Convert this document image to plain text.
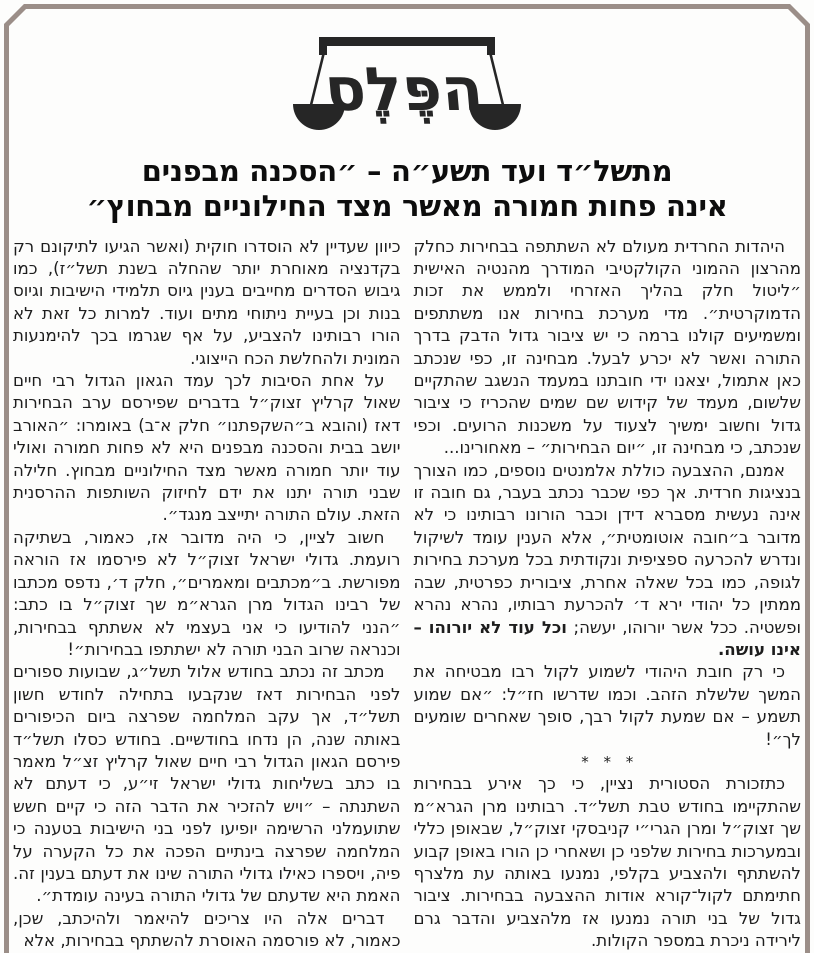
הפֶּלֶס
מתשל״ד ועד תשע״ה – ״הסכנה מבפנים
אינה פחות חמורה מאשר מצד החילוניים מבחוץ״

היהדות החרדית מעולם לא השתתפה בבחירות כחלק מהרצון ההמוני הקולקטיבי המודרך מהנטיה האישית ״ליטול חלק בהליך האזרחי ולממש את זכות הדמוקרטית״. מדי מערכת בחירות אנו משתתפים ומשמיעים קולנו ברמה כי יש ציבור גדול הדבק בדרך התורה ואשר לא יכרע לבעל. מבחינה זו, כפי שנכתב כאן אתמול, יצאנו ידי חובתנו במעמד הנשגב שהתקיים שלשום, מעמד של קידוש שם שמים שהכריז כי ציבור גדול וחשוב ימשיך לצעוד על משכנות הרועים. וכפי שנכתב, כי מבחינה זו, ״יום הבחירות״ – מאחורינו...

אמנם, ההצבעה כוללת אלמנטים נוספים, כמו הצורך בנציגות חרדית. אך כפי שכבר נכתב בעבר, גם חובה זו אינה נעשית מסברא דידן וכבר הורונו רבותינו כי לא מדובר ב״חובה אוטומטית״, אלא הענין עומד לשיקול ונדרש להכרעה ספציפית ונקודתית בכל מערכת בחירות לגופה, כמו בכל שאלה אחרת, ציבורית כפרטית, שבה ממתין כל יהודי ירא ד׳ להכרעת רבותיו, נהרא נהרא ופשטיה. ככל אשר יורוהו, יעשה; וכל עוד לא יורוהו – אינו עושה.

כי רק חובת היהודי לשמוע לקול רבו מבטיחה את המשך שלשלת הזהב. וכמו שדרשו חז״ל: ״אם שמוע תשמע – אם שמעת לקול רבך, סופך שאחרים שומעים לך״!

* * *

כתזכורת הסטורית נציין, כי כך אירע בבחירות שהתקיימו בחודש טבת תשל״ד. רבותינו מרן הגרא״מ שך זצוק״ל ומרן הגרי״י קניבסקי זצוק״ל, שבאופן כללי ובמערכות בחירות שלפני כן ושאחרי כן הורו באופן קבוע להשתתף ולהצביע בקלפי, נמנעו באותה עת מלצרף חתימתם לקול־קורא אודות ההצבעה בבחירות. ציבור גדול של בני תורה נמנעו אז מלהצביע והדבר גרם לירידה ניכרת במספר הקולות.

כיוון שעדיין לא הוסדרו חוקית (ואשר הגיעו לתיקונם רק בקדנציה מאוחרת יותר שהחלה בשנת תשל״ז), כמו גיבוש הסדרים מחייבים בענין גיוס תלמידי הישיבות וגיוס בנות וכן בעיית ניתוחי מתים ועוד. למרות כל זאת לא הורו רבותינו להצביע, על אף שגרמו בכך להימנעות המונית ולהחלשת הכח הייצוגי.

על אחת הסיבות לכך עמד הגאון הגדול רבי חיים שאול קרליץ זצוק״ל בדברים שפירסם ערב הבחירות דאז (והובא ב״השקפתנו״ חלק א־ב) באומרו: ״האורב יושב בבית והסכנה מבפנים היא לא פחות חמורה ואולי עוד יותר חמורה מאשר מצד החילוניים מבחוץ. חלילה שבני תורה יתנו את ידם לחיזוק השותפות ההרסנית הזאת. עולם התורה יתייצב מנגד״.

חשוב לציין, כי היה מדובר אז, כאמור, בשתיקה רועמת. גדולי ישראל זצוק״ל לא פירסמו אז הוראה מפורשת. ב״מכתבים ומאמרים״, חלק ד׳, נדפס מכתבו של רבינו הגדול מרן הגרא״מ שך זצוק״ל בו כתב: ״הנני להודיעו כי אני בעצמי לא אשתתף בבחירות, וכנראה שרוב הבני תורה לא ישתתפו בבחירות״!

מכתב זה נכתב בחודש אלול תשל״ג, שבועות ספורים לפני הבחירות דאז שנקבעו בתחילה לחודש חשון תשל״ד, אך עקב המלחמה שפרצה ביום הכיפורים באותה שנה, הן נדחו בחודשיים. בחודש כסלו תשל״ד פירסם הגאון הגדול רבי חיים שאול קרליץ זצ״ל מאמר בו כתב בשליחות גדולי ישראל זי״ע, כי דעתם לא השתנתה – ״ויש להזכיר את הדבר הזה כי קיים חשש שתועמלני הרשימה יופיעו לפני בני הישיבות בטענה כי המלחמה שפרצה בינתיים הפכה את כל הקערה על פיה, ויספרו כאילו גדולי התורה שינו את דעתם בענין זה. האמת היא שדעתם של גדולי התורה בעינה עומדת״.

דברים אלה היו צריכים להיאמר ולהיכתב, שכן, כאמור, לא פורסמה האוסרת להשתתף בבחירות, אלא
